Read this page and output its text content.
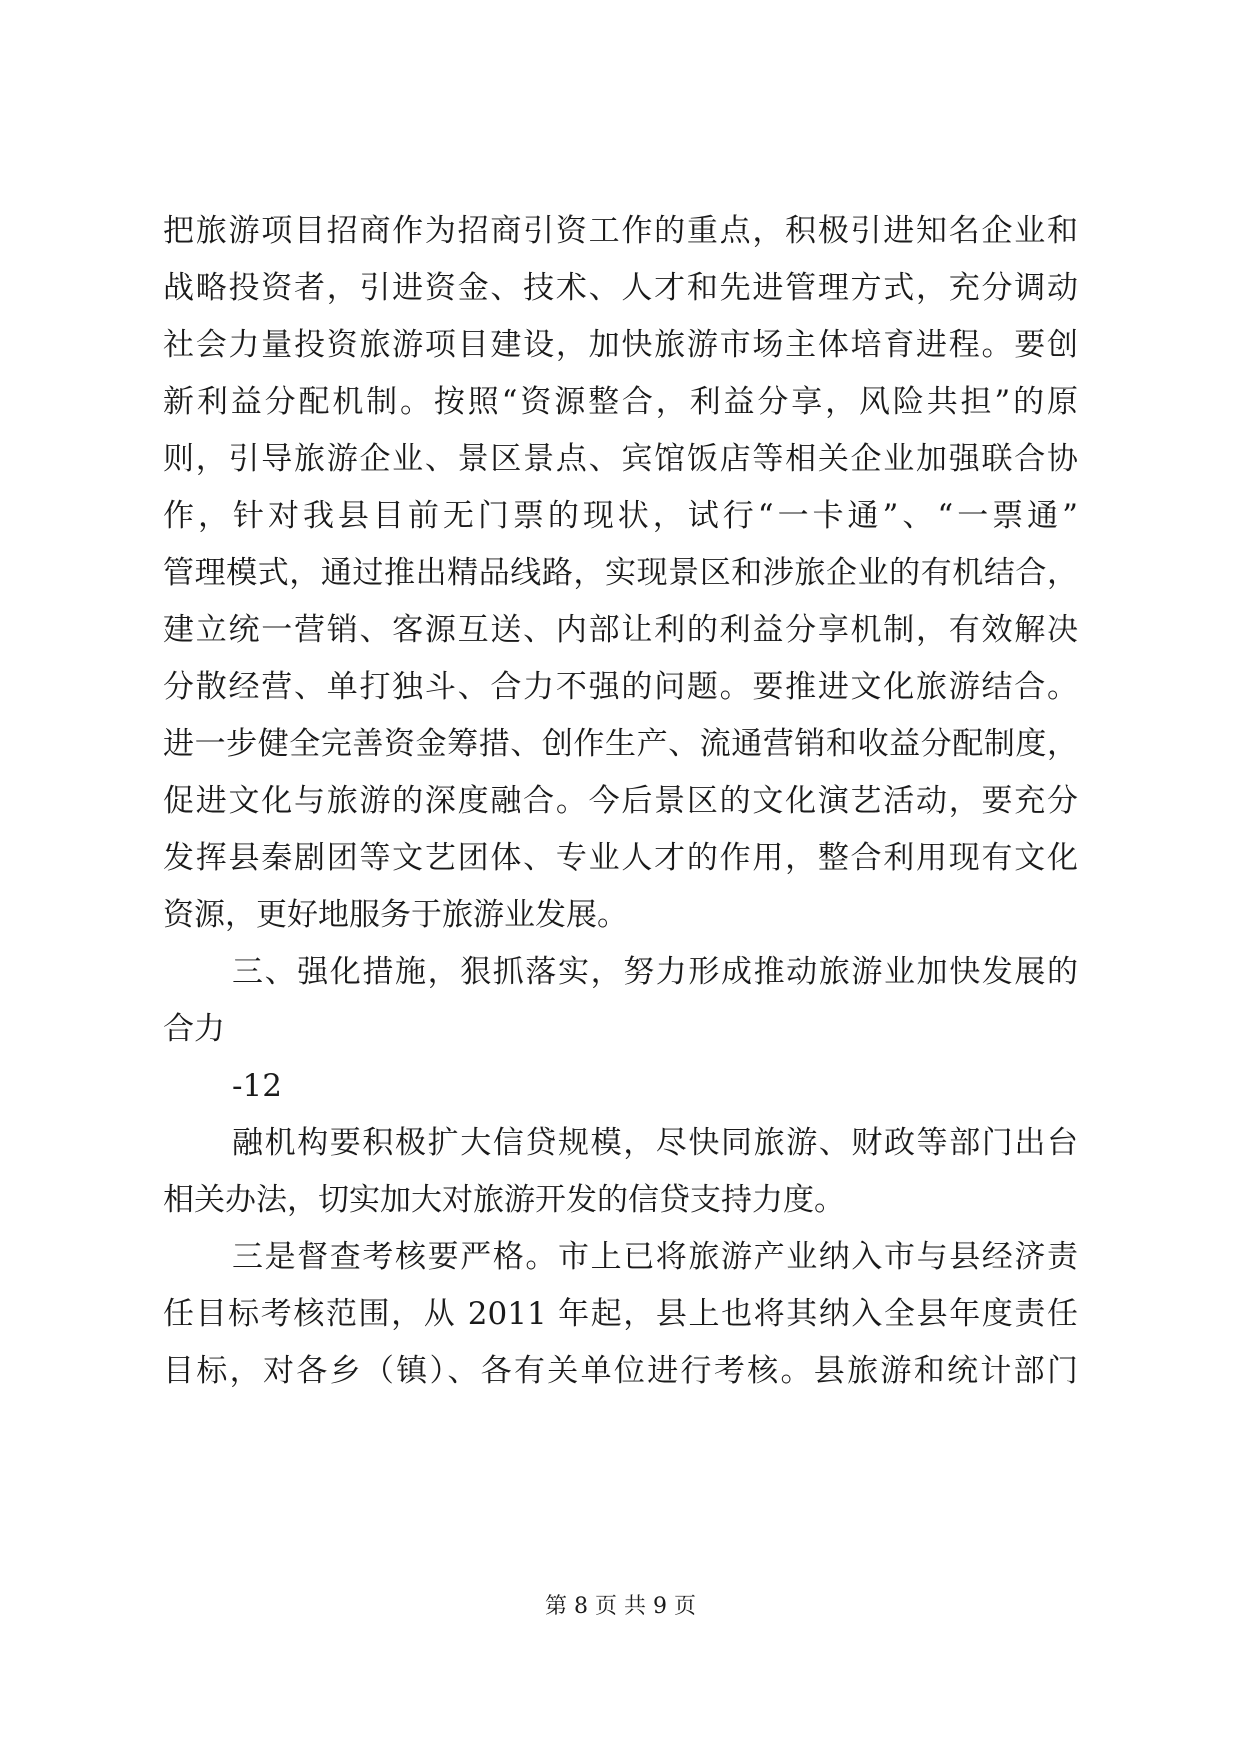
把旅游项目招商作为招商引资工作的重点，积极引进知名企业和
战略投资者，引进资金、技术、人才和先进管理方式，充分调动
社会力量投资旅游项目建设，加快旅游市场主体培育进程。要创
新利益分配机制。按照“资源整合，利益分享，风险共担”的原
则，引导旅游企业、景区景点、宾馆饭店等相关企业加强联合协
作，针对我县目前无门票的现状，试行“一卡通”、“一票通”
管理模式，通过推出精品线路，实现景区和涉旅企业的有机结合，
建立统一营销、客源互送、内部让利的利益分享机制，有效解决
分散经营、单打独斗、合力不强的问题。要推进文化旅游结合。
进一步健全完善资金筹措、创作生产、流通营销和收益分配制度，
促进文化与旅游的深度融合。今后景区的文化演艺活动，要充分
发挥县秦剧团等文艺团体、专业人才的作用，整合利用现有文化
资源，更好地服务于旅游业发展。
三、强化措施，狠抓落实，努力形成推动旅游业加快发展的
合力
-12
融机构要积极扩大信贷规模，尽快同旅游、财政等部门出台
相关办法，切实加大对旅游开发的信贷支持力度。
三是督查考核要严格。市上已将旅游产业纳入市与县经济责
任目标考核范围，从 2011 年起，县上也将其纳入全县年度责任
目标，对各乡（镇）、各有关单位进行考核。县旅游和统计部门
第 8 页 共 9 页
